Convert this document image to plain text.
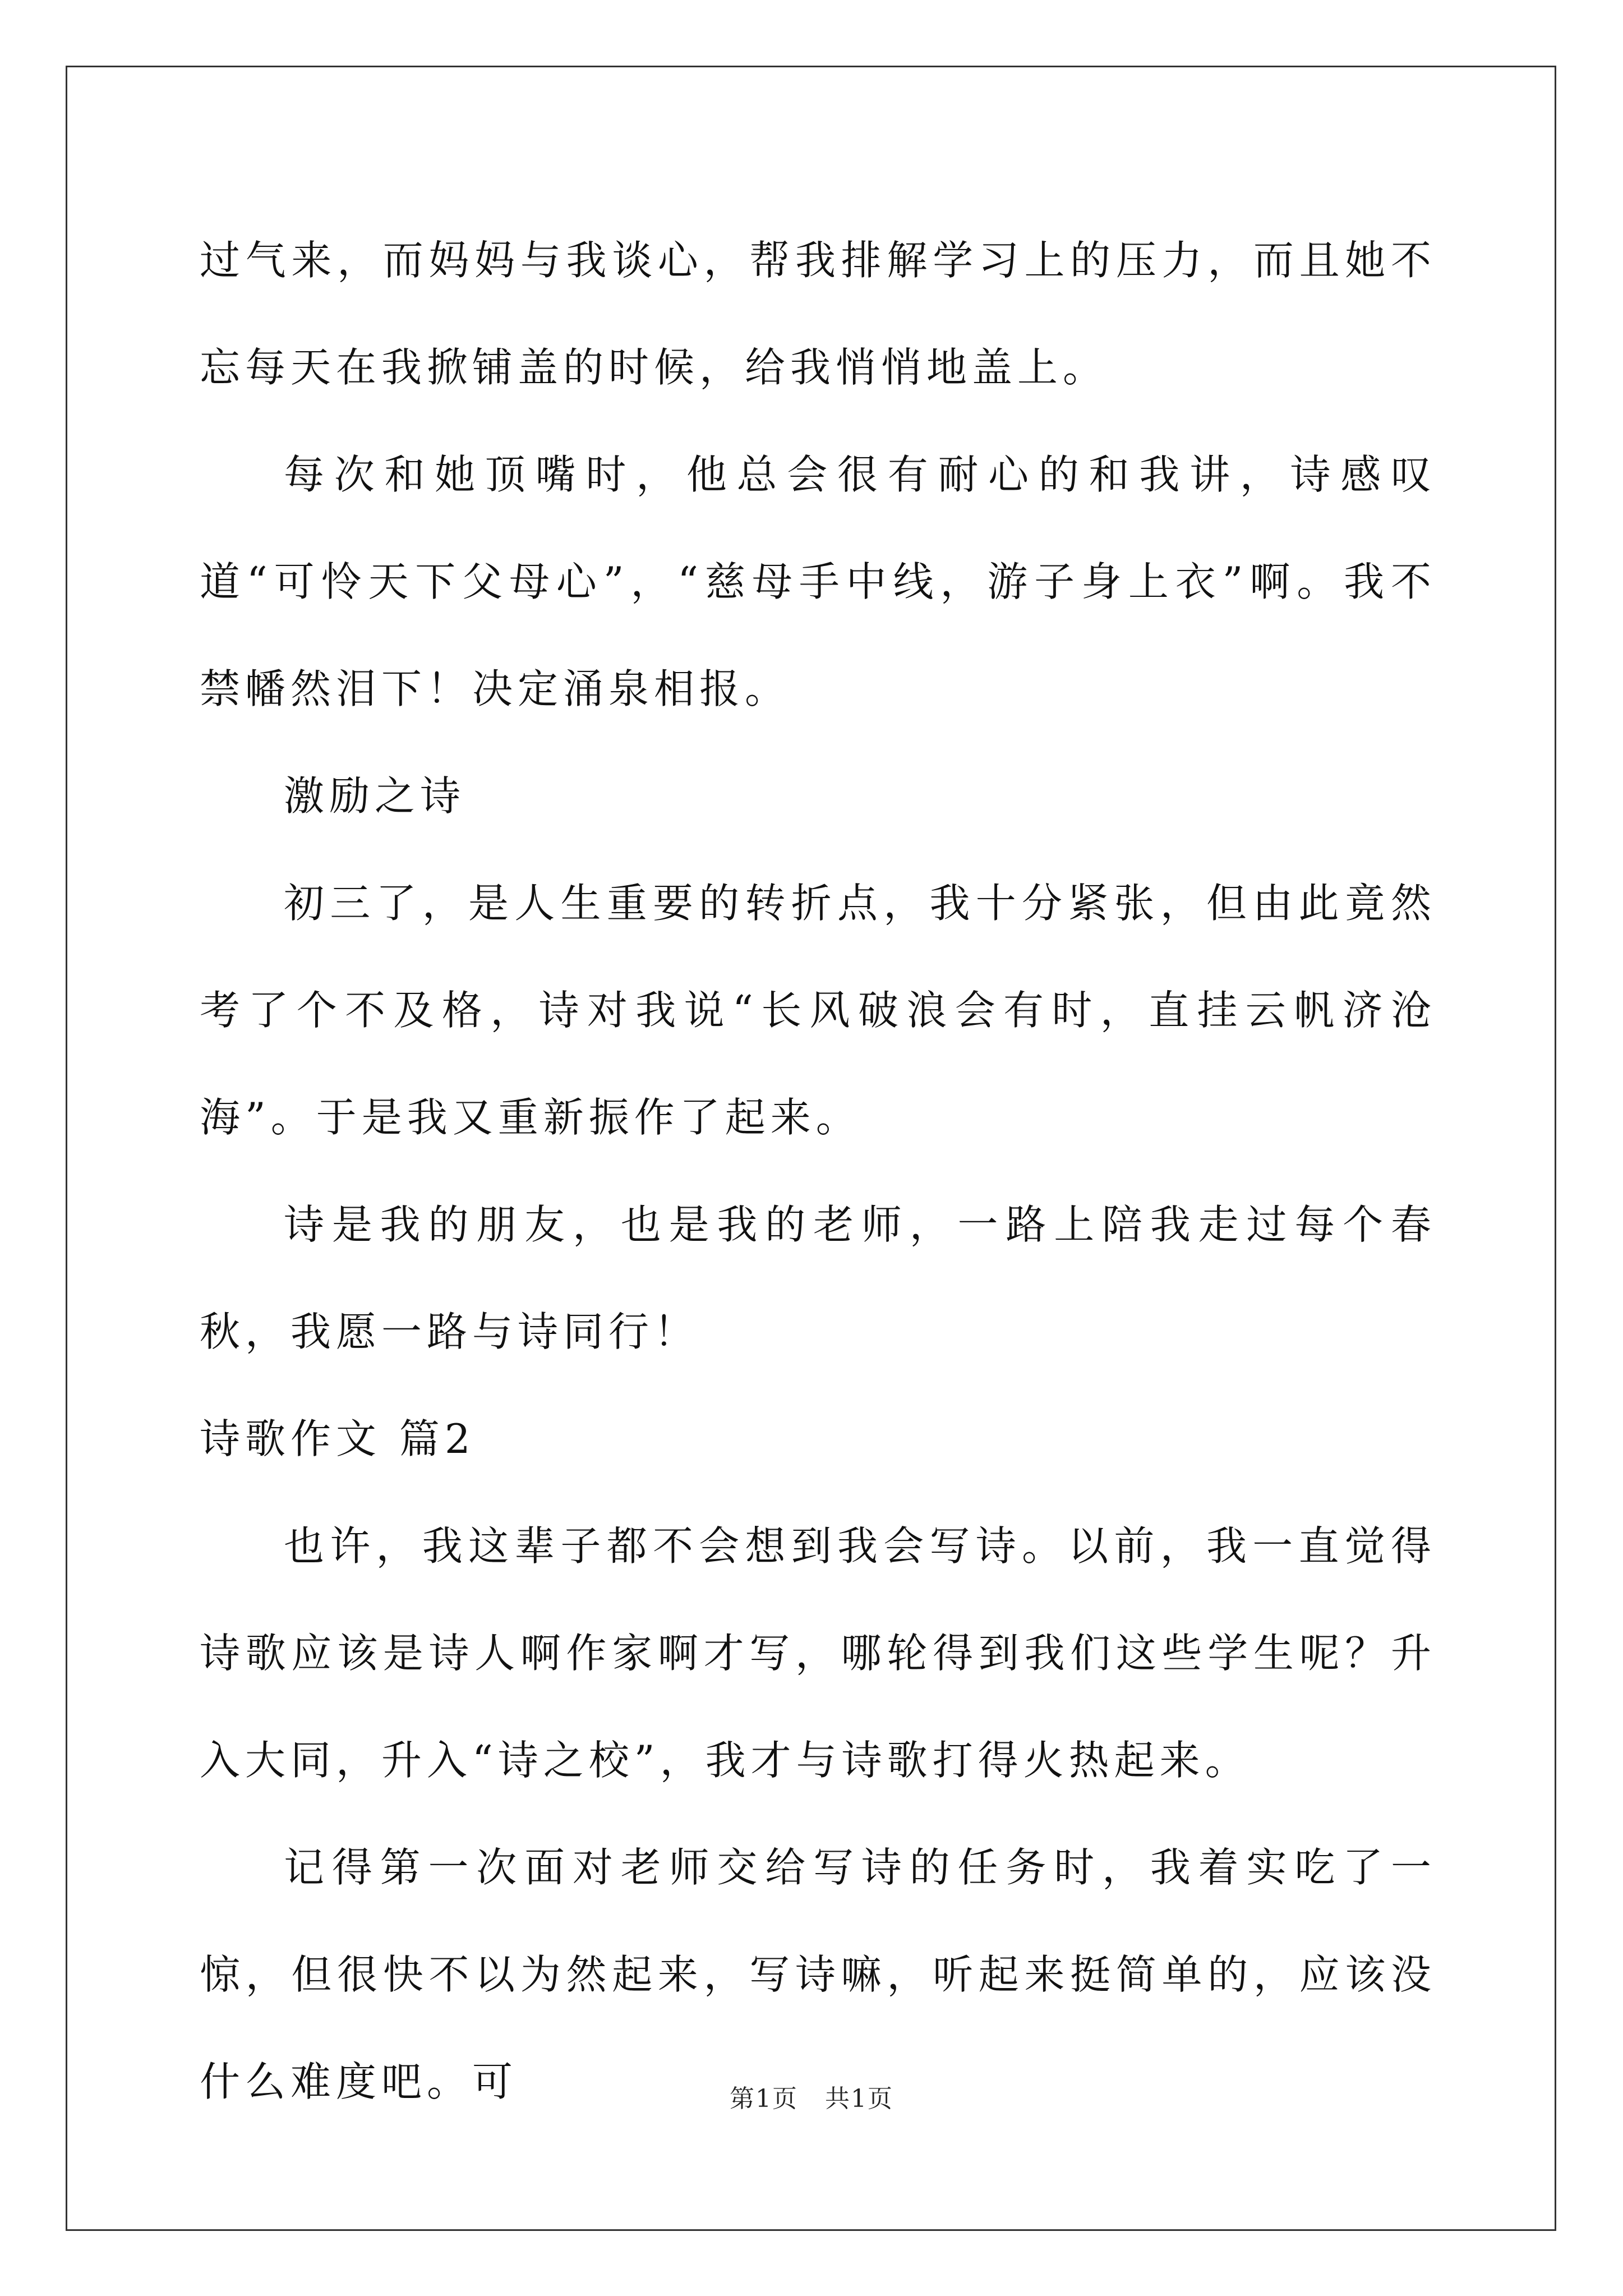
过气来，而妈妈与我谈心，帮我排解学习上的压力，而且她不忘每天在我掀铺盖的时候，给我悄悄地盖上。

每次和她顶嘴时，他总会很有耐心的和我讲，诗感叹道“可怜天下父母心”，“慈母手中线，游子身上衣”啊。我不禁幡然泪下！决定涌泉相报。

激励之诗

初三了，是人生重要的转折点，我十分紧张，但由此竟然考了个不及格，诗对我说“长风破浪会有时，直挂云帆济沧海”。于是我又重新振作了起来。

诗是我的朋友，也是我的老师，一路上陪我走过每个春秋，我愿一路与诗同行！

诗歌作文 篇2

也许，我这辈子都不会想到我会写诗。以前，我一直觉得诗歌应该是诗人啊作家啊才写，哪轮得到我们这些学生呢？升入大同，升入“诗之校”，我才与诗歌打得火热起来。

记得第一次面对老师交给写诗的任务时，我着实吃了一惊，但很快不以为然起来，写诗嘛，听起来挺简单的，应该没什么难度吧。可	第1页   共1页
